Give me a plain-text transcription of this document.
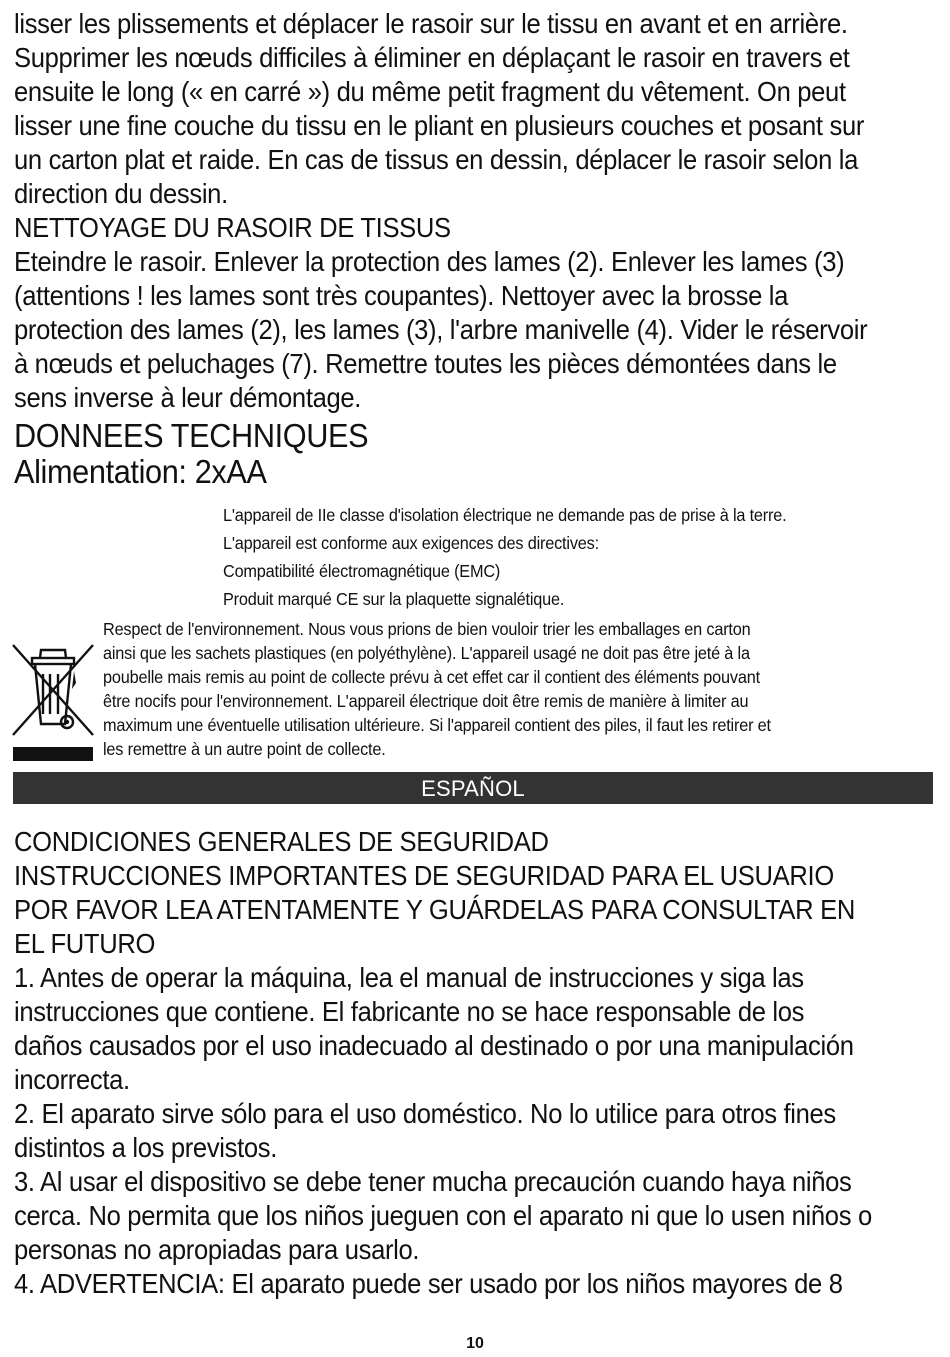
lisser les plissements et déplacer le rasoir sur le tissu en avant et en arrière.

Supprimer les nœuds difficiles à éliminer en déplaçant le rasoir en travers et

ensuite le long (« en carré ») du même petit fragment du vêtement. On peut

lisser une fine couche du tissu en le pliant en plusieurs couches et posant sur

un carton plat et raide. En cas de tissus en dessin, déplacer le rasoir selon la

direction du dessin.

NETTOYAGE DU RASOIR DE TISSUS

Eteindre le rasoir. Enlever la protection des lames (2). Enlever les lames (3)

(attentions ! les lames sont très coupantes). Nettoyer avec la brosse la

protection des lames (2), les lames (3), l'arbre manivelle (4). Vider le réservoir

à nœuds et peluchages (7). Remettre toutes les pièces démontées dans le

sens inverse à leur démontage.

DONNEES TECHNIQUES

Alimentation: 2xAA

L'appareil de IIe classe d'isolation électrique ne demande pas de prise à la terre.

L'appareil est conforme aux exigences des directives:

Compatibilité électromagnétique (EMC)

Produit marqué CE sur la plaquette signalétique.

Respect de l'environnement. Nous vous prions de bien vouloir trier les emballages en carton

ainsi que les sachets plastiques (en polyéthylène). L'appareil usagé ne doit pas être jeté à la

poubelle mais remis au point de collecte prévu à cet effet car il contient des éléments pouvant

être nocifs pour l'environnement. L'appareil électrique doit être remis de manière à limiter au

maximum une éventuelle utilisation ultérieure. Si l'appareil contient des piles, il faut les retirer et

les remettre à un autre point de collecte.

ESPAÑOL

CONDICIONES GENERALES DE SEGURIDAD

INSTRUCCIONES IMPORTANTES DE SEGURIDAD PARA EL USUARIO

POR FAVOR LEA ATENTAMENTE Y GUÁRDELAS PARA CONSULTAR EN

EL FUTURO

1. Antes de operar la máquina, lea el manual de instrucciones y siga las

instrucciones que contiene. El fabricante no se hace responsable de los

daños causados por el uso inadecuado al destinado o por una manipulación

incorrecta.

2. El aparato sirve sólo para el uso doméstico. No lo utilice para otros fines

distintos a los previstos.

3. Al usar el dispositivo se debe tener mucha precaución cuando haya niños

cerca. No permita que los niños jueguen con el aparato ni que lo usen niños o

personas no apropiadas para usarlo.

4. ADVERTENCIA: El aparato puede ser usado por los niños mayores de 8

10
